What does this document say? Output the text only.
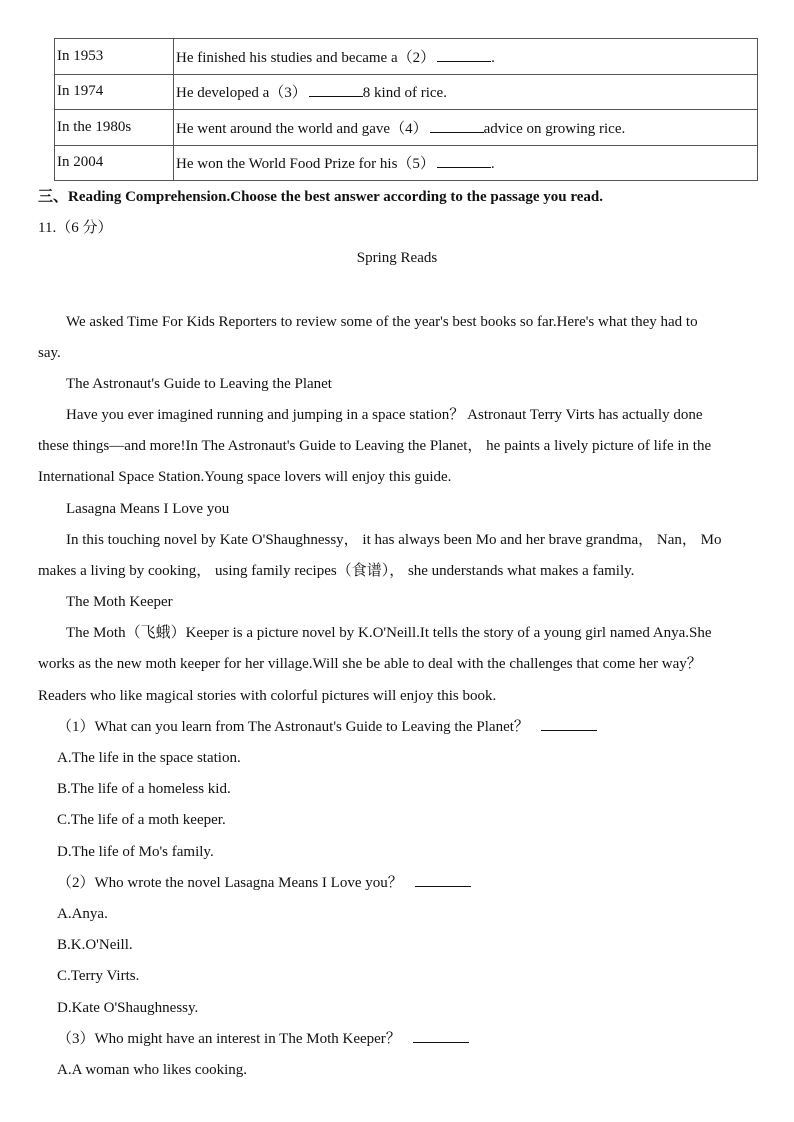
In 1953	He finished his studies and became a（2） .
In 1974	He developed a（3） 8 kind of rice.
In the 1980s	He went around the world and gave（4） advice on growing rice.
In 2004	He won the World Food Prize for his（5） .
三、Reading Comprehension.Choose the best answer according to the passage you read.
11.（6 分）
Spring Reads
We asked Time For Kids Reporters to review some of the year's best books so far.Here's what they had to
say.
The Astronaut's Guide to Leaving the Planet
Have you ever imagined running and jumping in a space station？ Astronaut Terry Virts has actually done
these things—and more!In The Astronaut's Guide to Leaving the Planet， he paints a lively picture of life in the
International Space Station.Young space lovers will enjoy this guide.
Lasagna Means I Love you
In this touching novel by Kate O'Shaughnessy， it has always been Mo and her brave grandma， Nan， Mo
makes a living by cooking， using family recipes（食谱）， she understands what makes a family.
The Moth Keeper
The Moth（飞蛾）Keeper is a picture novel by K.O'Neill.It tells the story of a young girl named Anya.She
works as the new moth keeper for her village.Will she be able to deal with the challenges that come her way？
Readers who like magical stories with colorful pictures will enjoy this book.
（1）What can you learn from The Astronaut's Guide to Leaving the Planet？
A.The life in the space station.
B.The life of a homeless kid.
C.The life of a moth keeper.
D.The life of Mo's family.
（2）Who wrote the novel Lasagna Means I Love you？
A.Anya.
B.K.O'Neill.
C.Terry Virts.
D.Kate O'Shaughnessy.
（3）Who might have an interest in The Moth Keeper？
A.A woman who likes cooking.
